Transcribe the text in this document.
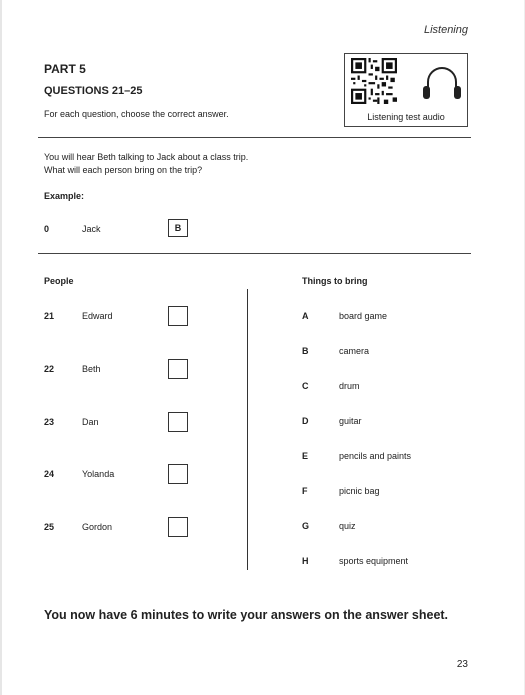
Listening
PART 5
QUESTIONS 21–25
For each question, choose the correct answer.	Listening test audio
You will hear Beth talking to Jack about a class trip.
What will each person bring on the trip?
Example:
0	Jack	B
People	Things to bring
21	Edward
22	Beth
23	Dan
24	Yolanda
25	Gordon
A	board game
B	camera
C	drum
D	guitar
E	pencils and paints
F	picnic bag
G	quiz
H	sports equipment
You now have 6 minutes to write your answers on the answer sheet.
23
